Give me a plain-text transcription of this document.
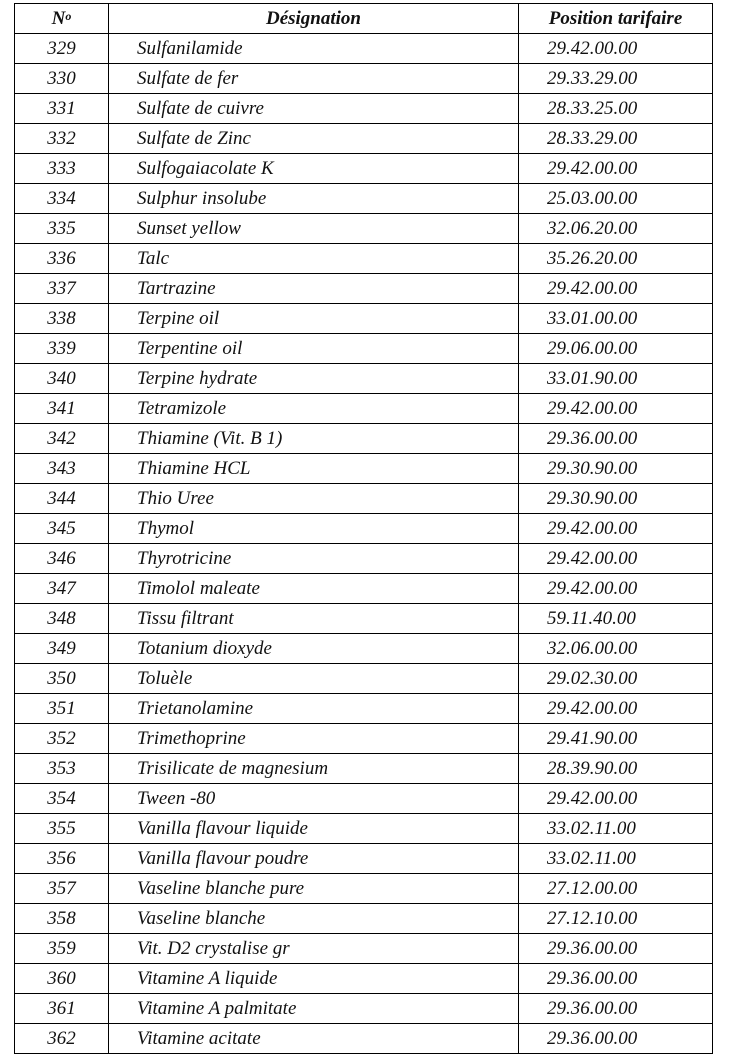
$N^o$	Désignation	Position tarifaire
329	Sulfanilamide	29.42.00.00
330	Sulfate de fer	29.33.29.00
331	Sulfate de cuivre	28.33.25.00
332	Sulfate de Zinc	28.33.29.00
333	Sulfogaiacolate K	29.42.00.00
334	Sulphur insolube	25.03.00.00
335	Sunset yellow	32.06.20.00
336	Talc	35.26.20.00
337	Tartrazine	29.42.00.00
338	Terpine oil	33.01.00.00
339	Terpentine oil	29.06.00.00
340	Terpine hydrate	33.01.90.00
341	Tetramizole	29.42.00.00
342	Thiamine (Vit. B 1)	29.36.00.00
343	Thiamine HCL	29.30.90.00
344	Thio Uree	29.30.90.00
345	Thymol	29.42.00.00
346	Thyrotricine	29.42.00.00
347	Timolol maleate	29.42.00.00
348	Tissu filtrant	59.11.40.00
349	Totanium dioxyde	32.06.00.00
350	Toluèle	29.02.30.00
351	Trietanolamine	29.42.00.00
352	Trimethoprine	29.41.90.00
353	Trisilicate de magnesium	28.39.90.00
354	Tween -80	29.42.00.00
355	Vanilla flavour liquide	33.02.11.00
356	Vanilla flavour poudre	33.02.11.00
357	Vaseline blanche pure	27.12.00.00
358	Vaseline blanche	27.12.10.00
359	Vit. D2 crystalise gr	29.36.00.00
360	Vitamine A liquide	29.36.00.00
361	Vitamine A palmitate	29.36.00.00
362	Vitamine acitate	29.36.00.00
